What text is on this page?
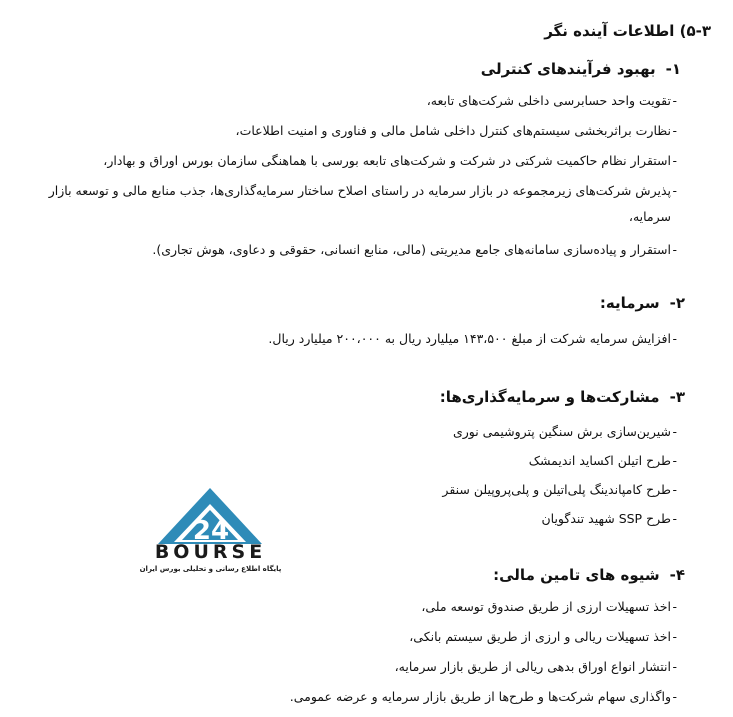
۵-۳) اطلاعات آینده نگر
۱-بهبود فرآیندهای کنترلی
-
تقویت واحد حسابرسی داخلی شرکت‌های تابعه،
-
نظارت براثربخشی سیستم‌های کنترل داخلی شامل مالی و فناوری و امنیت اطلاعات،
-
استقرار نظام حاکمیت شرکتی در شرکت و شرکت‌های تابعه بورسی با هماهنگی سازمان بورس اوراق و بهادار،
-
پذیرش شرکت‌های زیرمجموعه در بازار سرمایه در راستای اصلاح ساختار سرمایه‌گذاری‌ها، جذب منابع مالی و توسعه بازار سرمایه،
-
استقرار و پیاده‌سازی سامانه‌های جامع مدیریتی (مالی، منابع انسانی، حقوقی و دعاوی، هوش تجاری).
۲-سرمایه:
-
افزایش سرمایه شرکت از مبلغ ۱۴۳،۵۰۰ میلیارد ریال به ۲۰۰،۰۰۰ میلیارد ریال.
۳-مشارکت‌ها و سرمایه‌گذاری‌ها:
-
شیرین‌سازی برش سنگین پتروشیمی نوری
-
طرح اتیلن اکساید اندیمشک
-
طرح کامپاندینگ پلی‌اتیلن و پلی‌پروپیلن سنقر
-
طرح SSP شهید تندگویان
۴-شیوه های تامین مالی:
-
اخذ تسهیلات ارزی از طریق صندوق توسعه ملی،
-
اخذ تسهیلات ریالی و ارزی از طریق سیستم بانکی،
-
انتشار انواع اوراق بدهی ریالی از طریق بازار سرمایه،
-
واگذاری سهام شرکت‌ها و طرح‌ها از طریق بازار سرمایه و عرضه عمومی.
24
BOURSE
پایگاه اطلاع رسانی و تحلیلی بورس ایران
